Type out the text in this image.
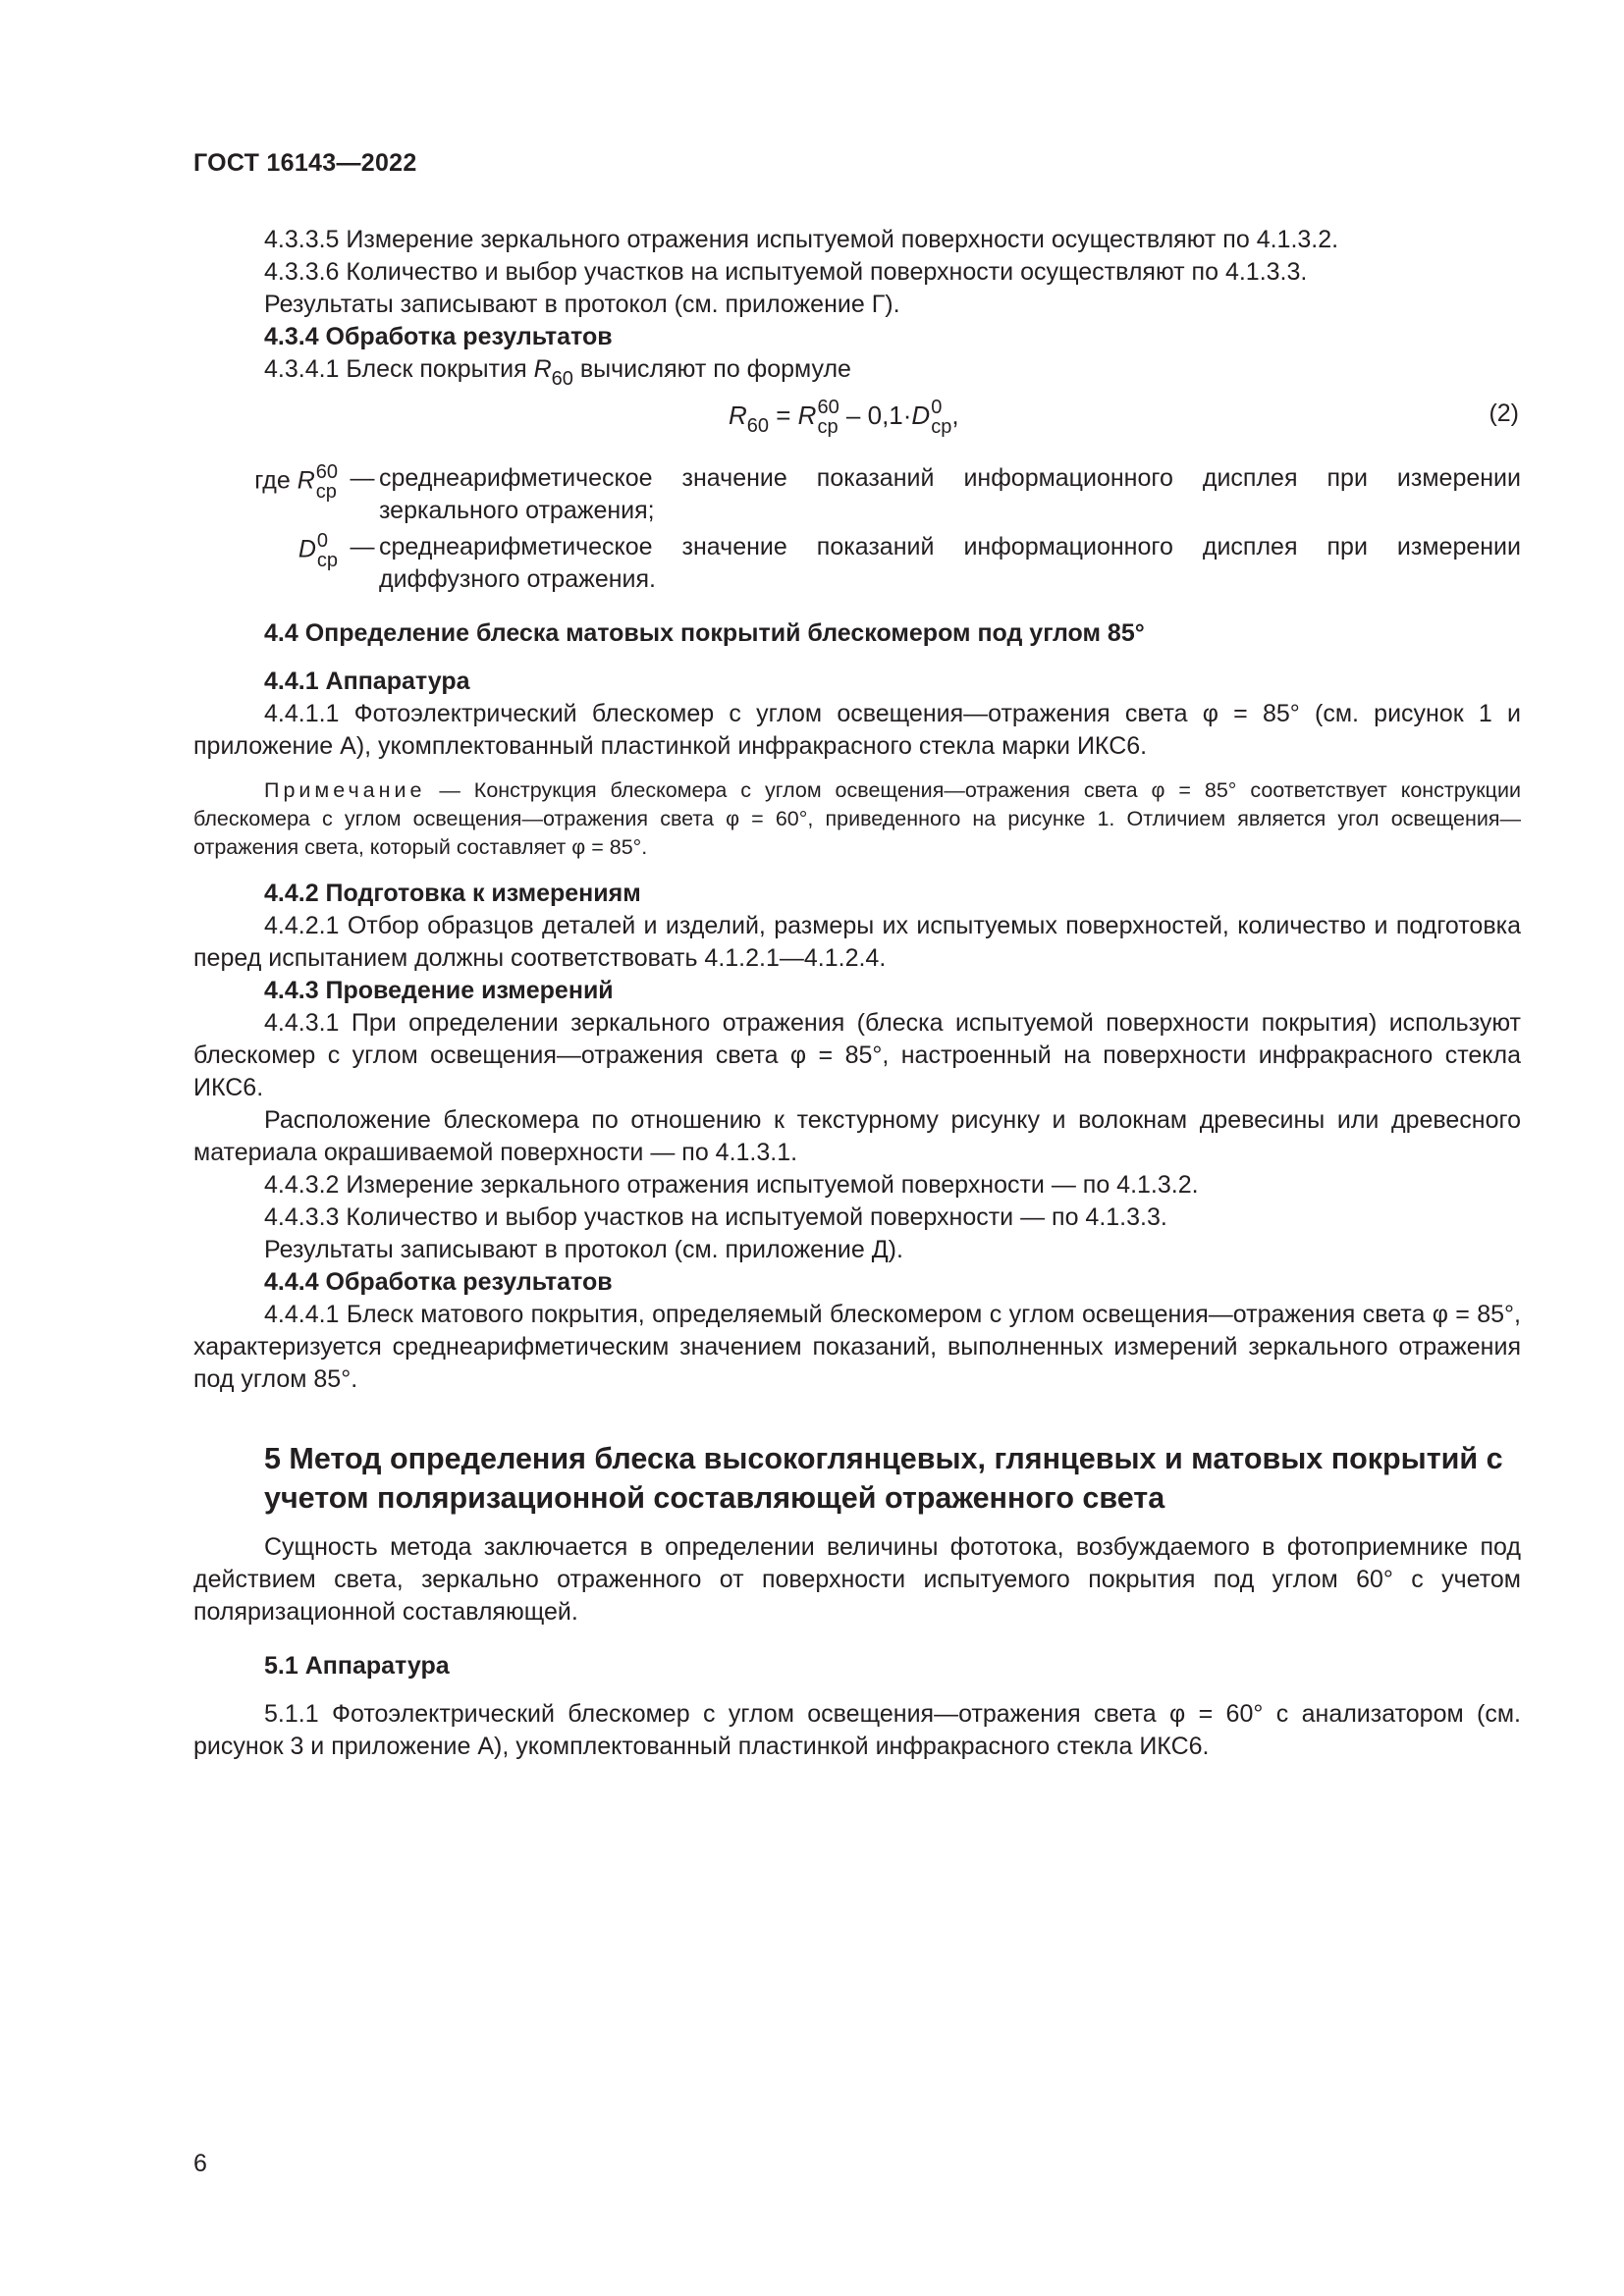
ГОСТ 16143—2022

4.3.3.5 Измерение зеркального отражения испытуемой поверхности осуществляют по 4.1.3.2.

4.3.3.6 Количество и выбор участков на испытуемой поверхности осуществляют по 4.1.3.3.

Результаты записывают в протокол (см. приложение Г).

4.3.4 Обработка результатов

4.3.4.1 Блеск покрытия $R_{60}$ вычисляют по формуле

$R_{60} = R$ 60
ср – 0,1·D 0
ср ,	(2)
где R 60
ср — среднеарифметическое значение показаний информационного дисплея при измерении зеркального отражения;
D 0
ср — среднеарифметическое значение показаний информационного дисплея при измерении диффузного отражения.

4.4 Определение блеска матовых покрытий блескомером под углом 85°

4.4.1 Аппаратура

4.4.1.1 Фотоэлектрический блескомер с углом освещения—отражения света φ = 85° (см. рисунок 1 и приложение А), укомплектованный пластинкой инфракрасного стекла марки ИКС6.

Примечание — Конструкция блескомера с углом освещения—отражения света φ = 85° соответствует конструкции блескомера с углом освещения—отражения света φ = 60°, приведенного на рисунке 1. Отличием является угол освещения—отражения света, который составляет φ = 85°.

4.4.2 Подготовка к измерениям

4.4.2.1 Отбор образцов деталей и изделий, размеры их испытуемых поверхностей, количество и подготовка перед испытанием должны соответствовать 4.1.2.1—4.1.2.4.

4.4.3 Проведение измерений

4.4.3.1 При определении зеркального отражения (блеска испытуемой поверхности покрытия) используют блескомер с углом освещения—отражения света φ = 85°, настроенный на поверхности инфракрасного стекла ИКС6.

Расположение блескомера по отношению к текстурному рисунку и волокнам древесины или древесного материала окрашиваемой поверхности — по 4.1.3.1.

4.4.3.2 Измерение зеркального отражения испытуемой поверхности — по 4.1.3.2.

4.4.3.3 Количество и выбор участков на испытуемой поверхности — по 4.1.3.3.

Результаты записывают в протокол (см. приложение Д).

4.4.4 Обработка результатов

4.4.4.1 Блеск матового покрытия, определяемый блескомером с углом освещения—отражения света φ = 85°, характеризуется среднеарифметическим значением показаний, выполненных измерений зеркального отражения под углом 85°.

5 Метод определения блеска высокоглянцевых, глянцевых и матовых покрытий с учетом поляризационной составляющей отраженного света

Сущность метода заключается в определении величины фототока, возбуждаемого в фотоприемнике под действием света, зеркально отраженного от поверхности испытуемого покрытия под углом 60° с учетом поляризационной составляющей.

5.1 Аппаратура

5.1.1 Фотоэлектрический блескомер с углом освещения—отражения света φ = 60° с анализатором (см. рисунок 3 и приложение А), укомплектованный пластинкой инфракрасного стекла ИКС6.

6
